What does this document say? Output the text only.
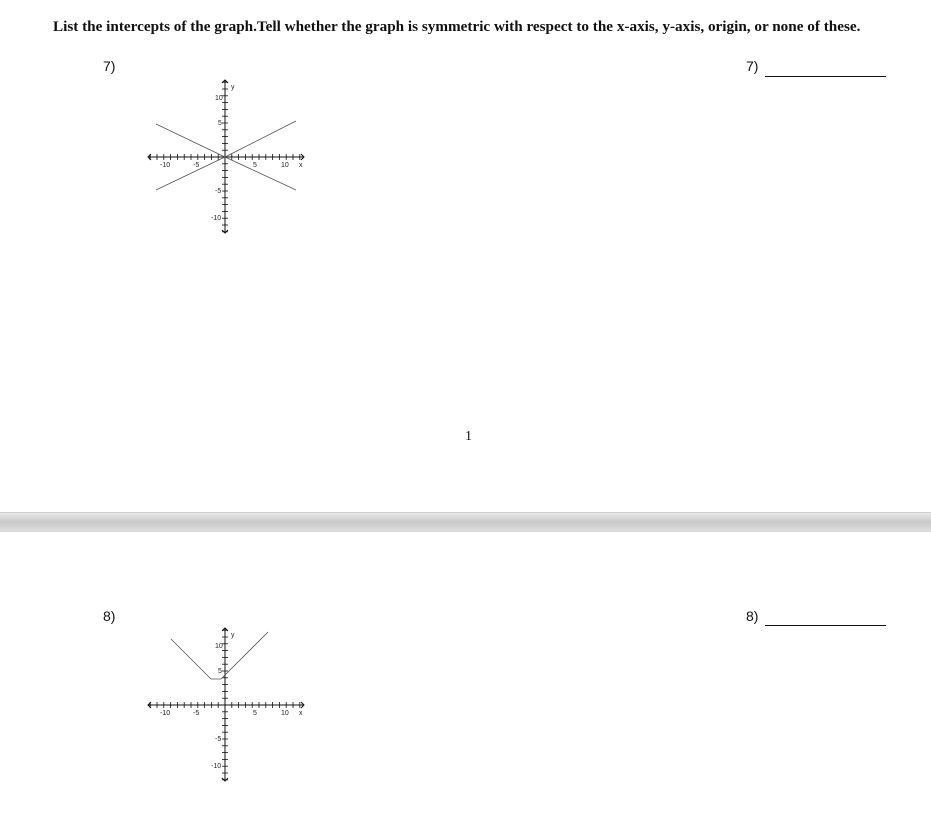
List the intercepts of the graph.Tell whether the graph is symmetric with respect to the x-axis, y-axis, origin, or none of these.
7)	7)
-10	-5	5	10 x
10
5
-5
-10
y
1
8)	8)
-10	-5	5	10 x
10
5
-5
-10
y
